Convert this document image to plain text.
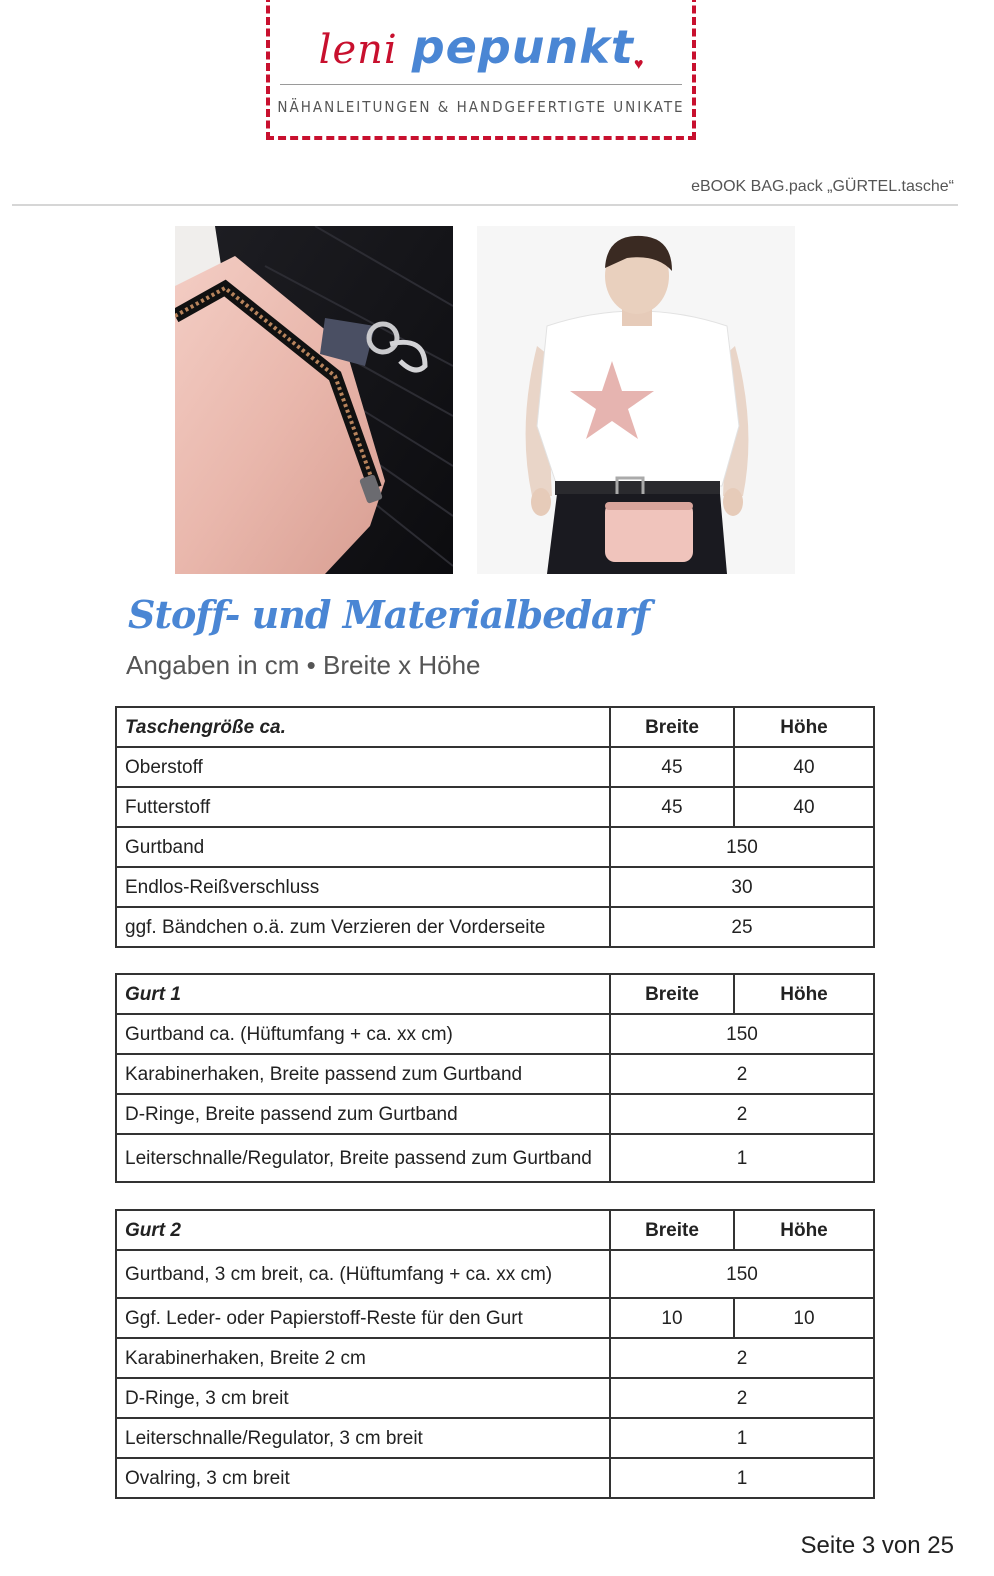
leni pepunkt♥
NÄHANLEITUNGEN & HANDGEFERTIGTE UNIKATE
eBOOK BAG.pack „GÜRTEL.tasche“
Stoff- und Materialbedarf
Angaben in cm • Breite x Höhe
Taschengröße ca.	Breite	Höhe
Oberstoff	45	40
Futterstoff	45	40
Gurtband	150	
Endlos-Reißverschluss	30	
ggf. Bändchen o.ä. zum Verzieren der Vorderseite	25	
Gurt 1	Breite	Höhe
Gurtband ca. (Hüftumfang + ca. xx cm)	150	
Karabinerhaken, Breite passend zum Gurtband	2	
D-Ringe, Breite passend zum Gurtband	2	
Leiterschnalle/Regulator, Breite passend zum Gurtband	1	
Gurt 2	Breite	Höhe
Gurtband, 3 cm breit, ca. (Hüftumfang + ca. xx cm)	150	
Ggf. Leder- oder Papierstoff-Reste für den Gurt	10	10
Karabinerhaken, Breite 2 cm	2	
D-Ringe, 3 cm breit	2	
Leiterschnalle/Regulator, 3 cm breit	1	
Ovalring, 3 cm breit	1	
Seite 3 von 25
